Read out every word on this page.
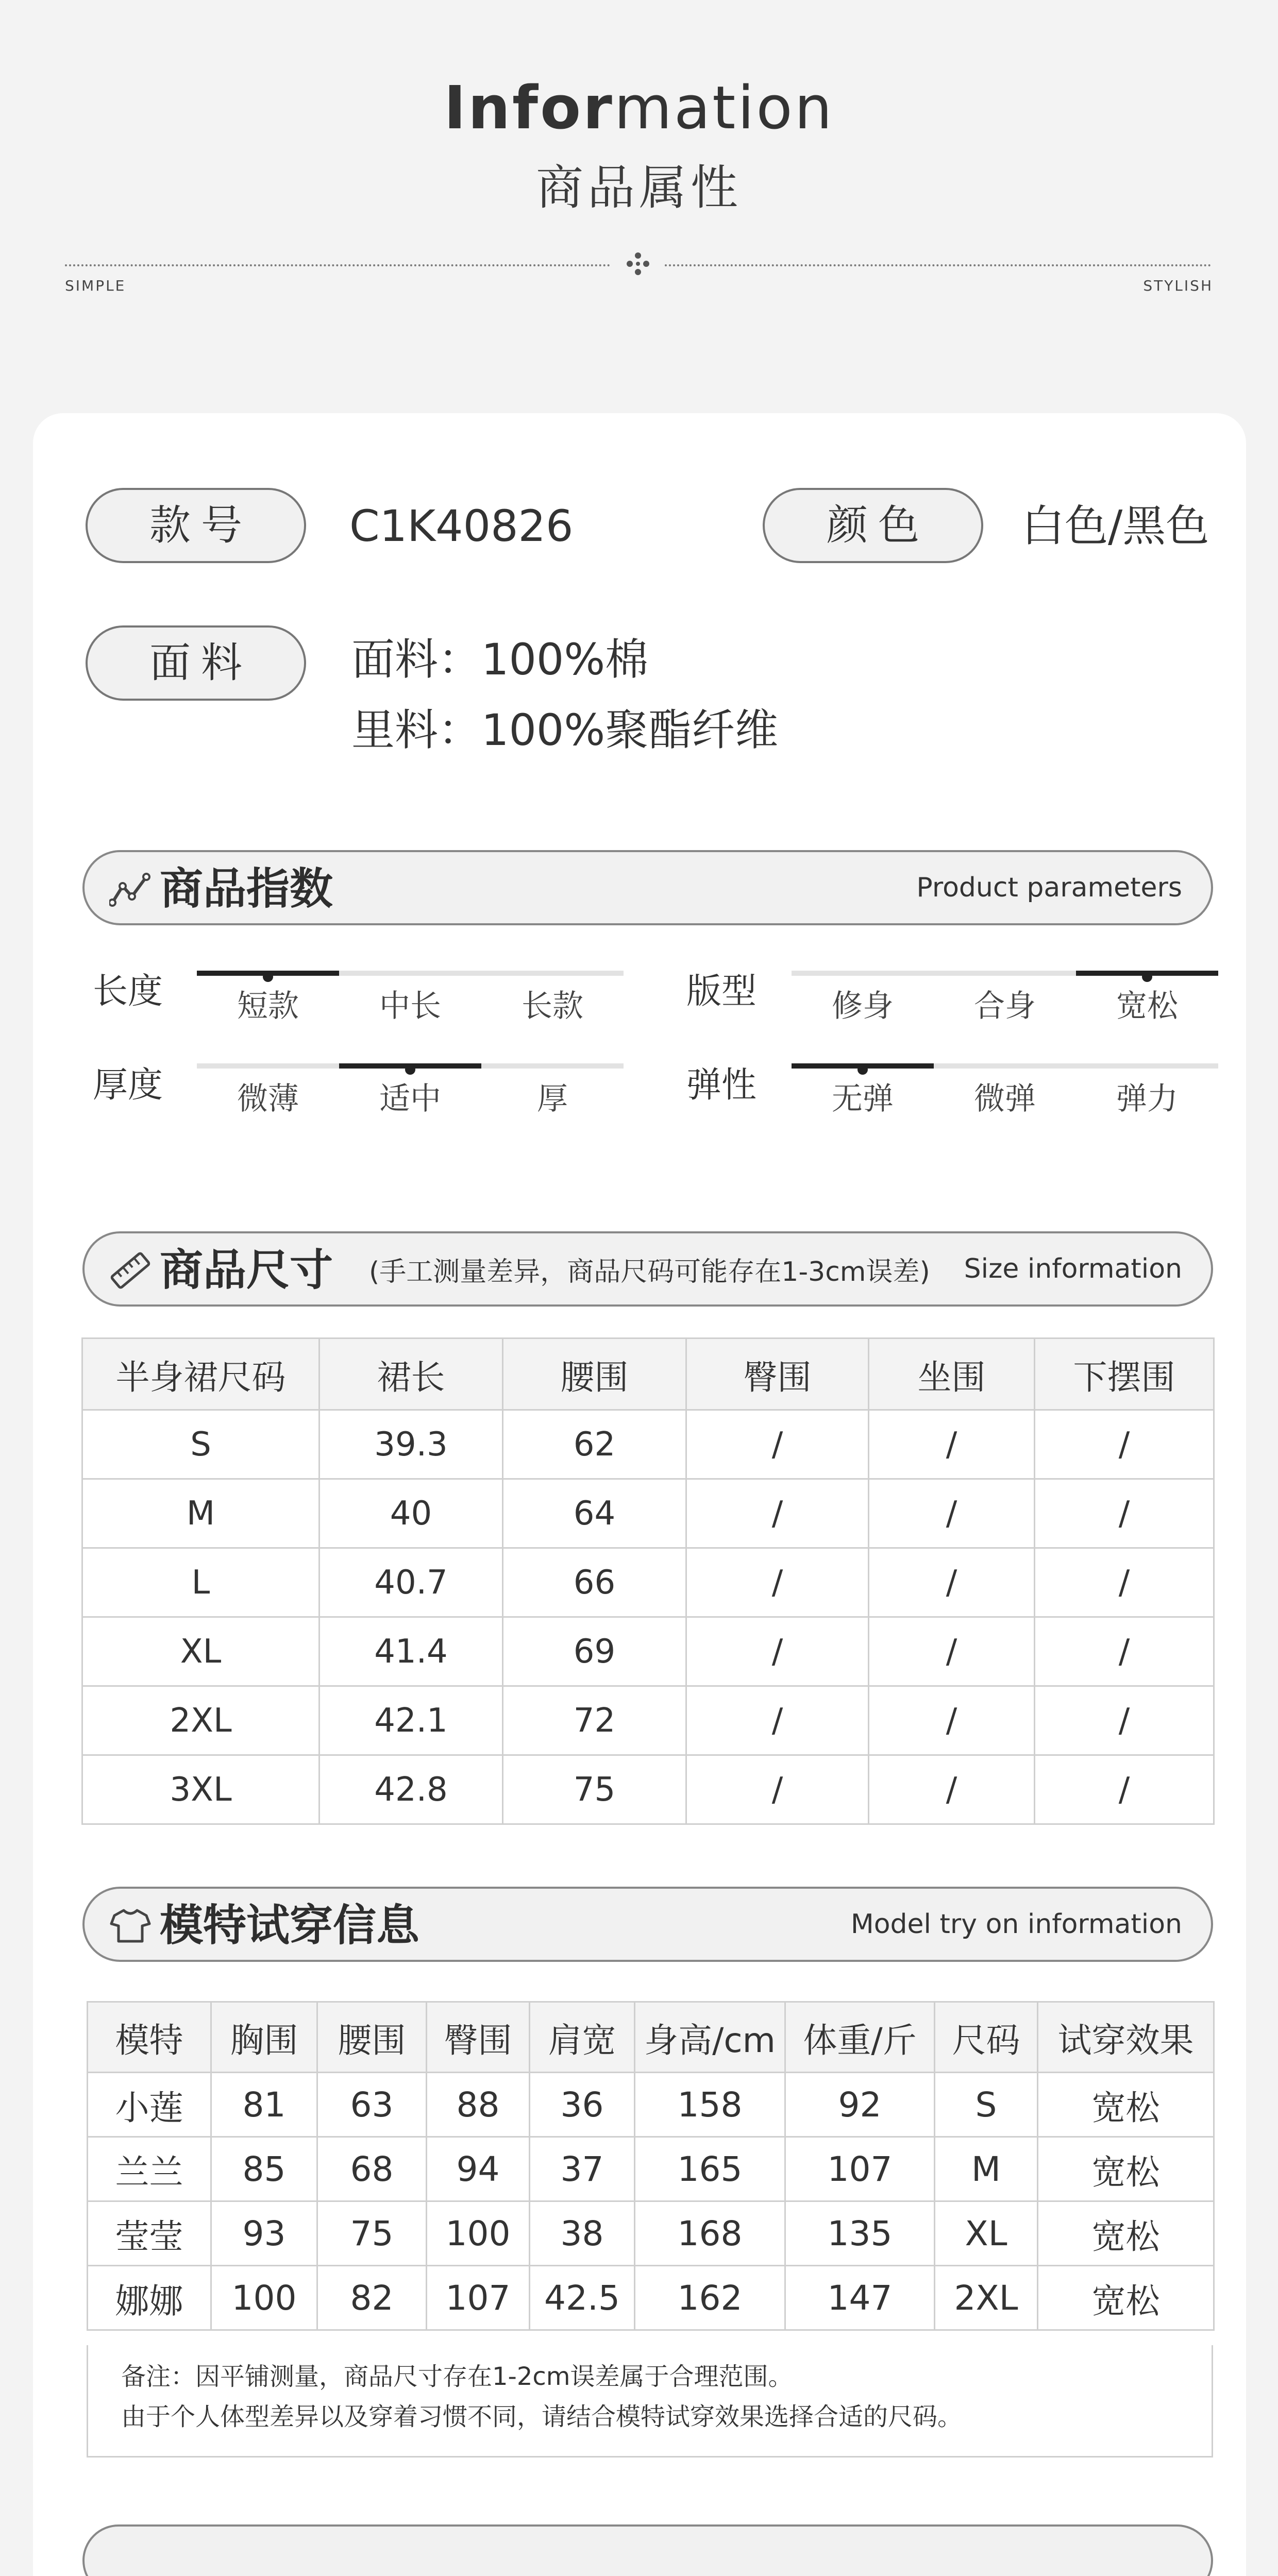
Information
商品属性
SIMPLE	STYLISH
款号	C1K40826	颜色	白色/黑色
面料	面料：100%棉
里料：100%聚酯纤维
商品指数	Product parameters
长度	短款	中长	长款	版型	修身	合身	宽松
厚度	微薄	适中	厚	弹性	无弹	微弹	弹力
商品尺寸 (手工测量差异，商品尺码可能存在1-3cm误差) Size information
半身裙尺码	裙长	腰围	臀围	坐围	下摆围
S	39.3	62	/	/	/
M	40	64	/	/	/
L	40.7	66	/	/	/
XL	41.4	69	/	/	/
2XL	42.1	72	/	/	/
3XL	42.8	75	/	/	/
模特试穿信息	Model try on information
模特	胸围	腰围	臀围	肩宽	身高/cm	体重/斤	尺码	试穿效果
小莲	81	63	88	36	158	92	S	宽松
兰兰	85	68	94	37	165	107	M	宽松
莹莹	93	75	100	38	168	135	XL	宽松
娜娜	100	82	107	42.5	162	147	2XL	宽松
备注：因平铺测量，商品尺寸存在1-2cm误差属于合理范围。
由于个人体型差异以及穿着习惯不同，请结合模特试穿效果选择合适的尺码。
